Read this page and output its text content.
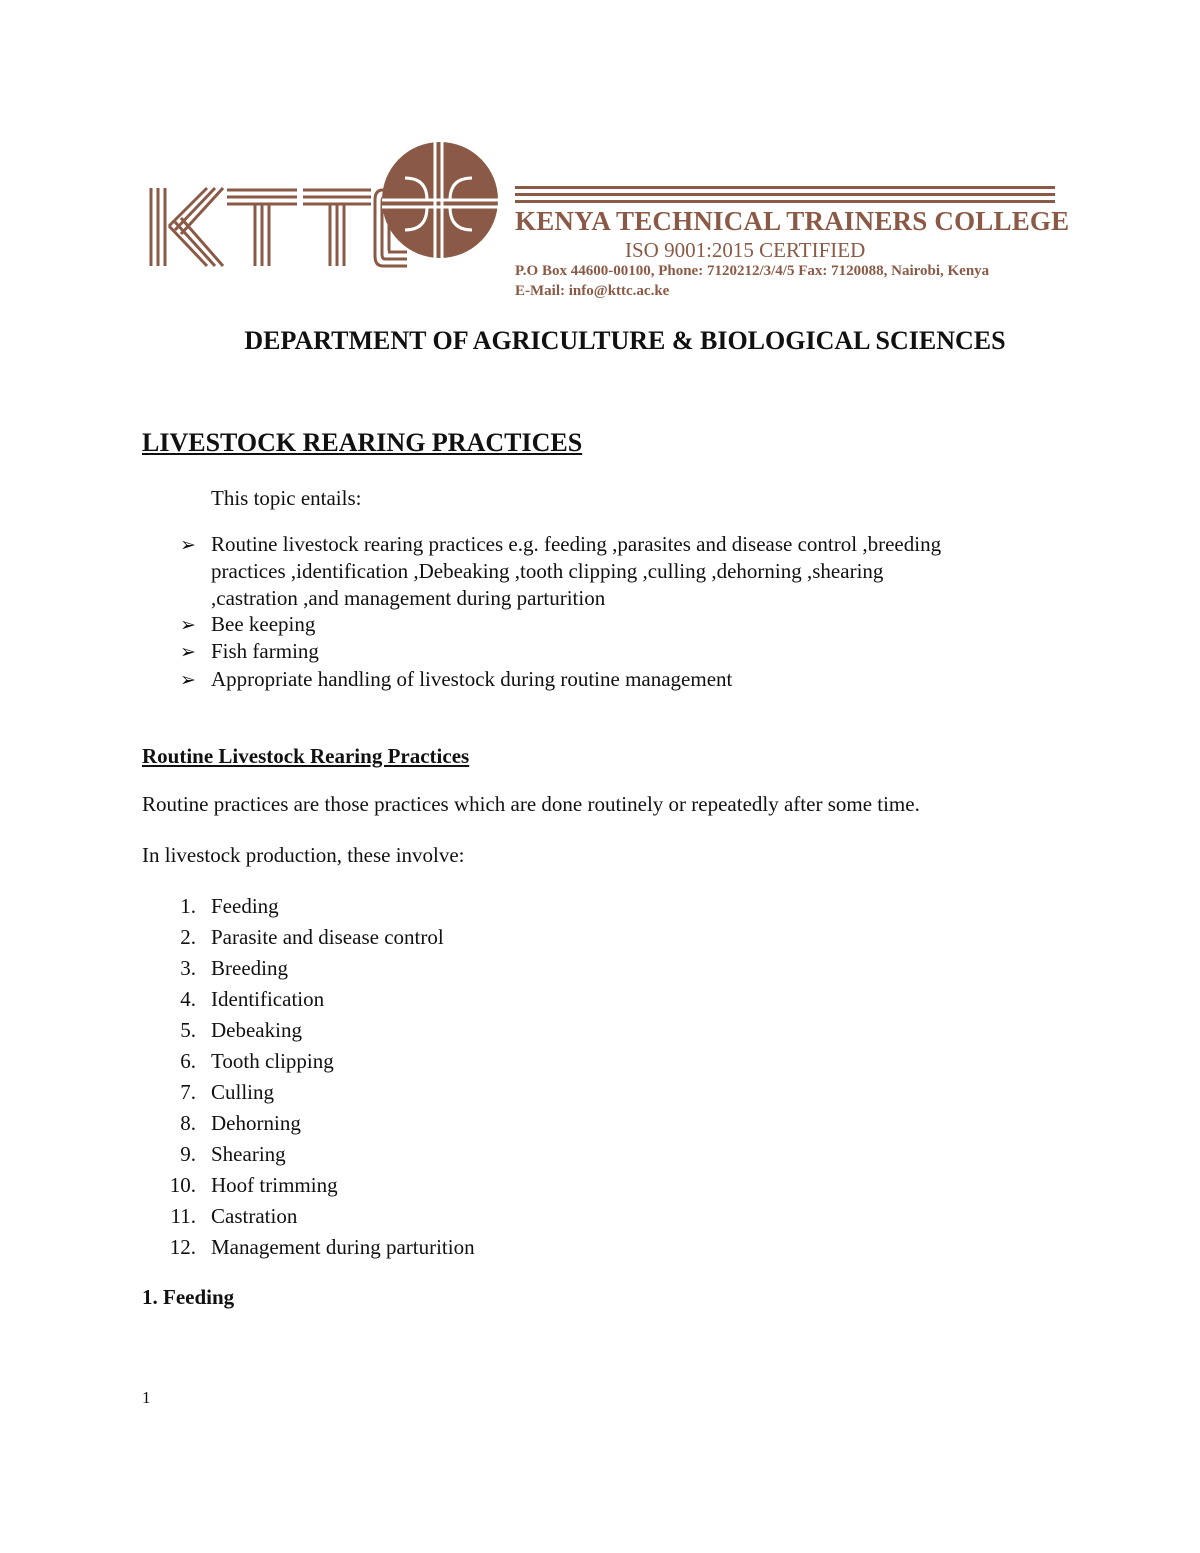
KENYA TECHNICAL TRAINERS COLLEGE
ISO 9001:2015 CERTIFIED
P.O Box 44600-00100, Phone: 7120212/3/4/5 Fax: 7120088, Nairobi, Kenya
E-Mail: info@kttc.ac.ke
DEPARTMENT OF AGRICULTURE & BIOLOGICAL SCIENCES
LIVESTOCK REARING PRACTICES
This topic entails:
➢ Routine livestock rearing practices e.g. feeding ,parasites and disease control ,breeding
practices ,identification ,Debeaking ,tooth clipping ,culling ,dehorning ,shearing
,castration ,and management during parturition
➢ Bee keeping
➢ Fish farming
➢ Appropriate handling of livestock during routine management
Routine Livestock Rearing Practices
Routine practices are those practices which are done routinely or repeatedly after some time.
In livestock production, these involve:
1. Feeding
2. Parasite and disease control
3. Breeding
4. Identification
5. Debeaking
6. Tooth clipping
7. Culling
8. Dehorning
9. Shearing
10. Hoof trimming
11. Castration
12. Management during parturition
1. Feeding
1
